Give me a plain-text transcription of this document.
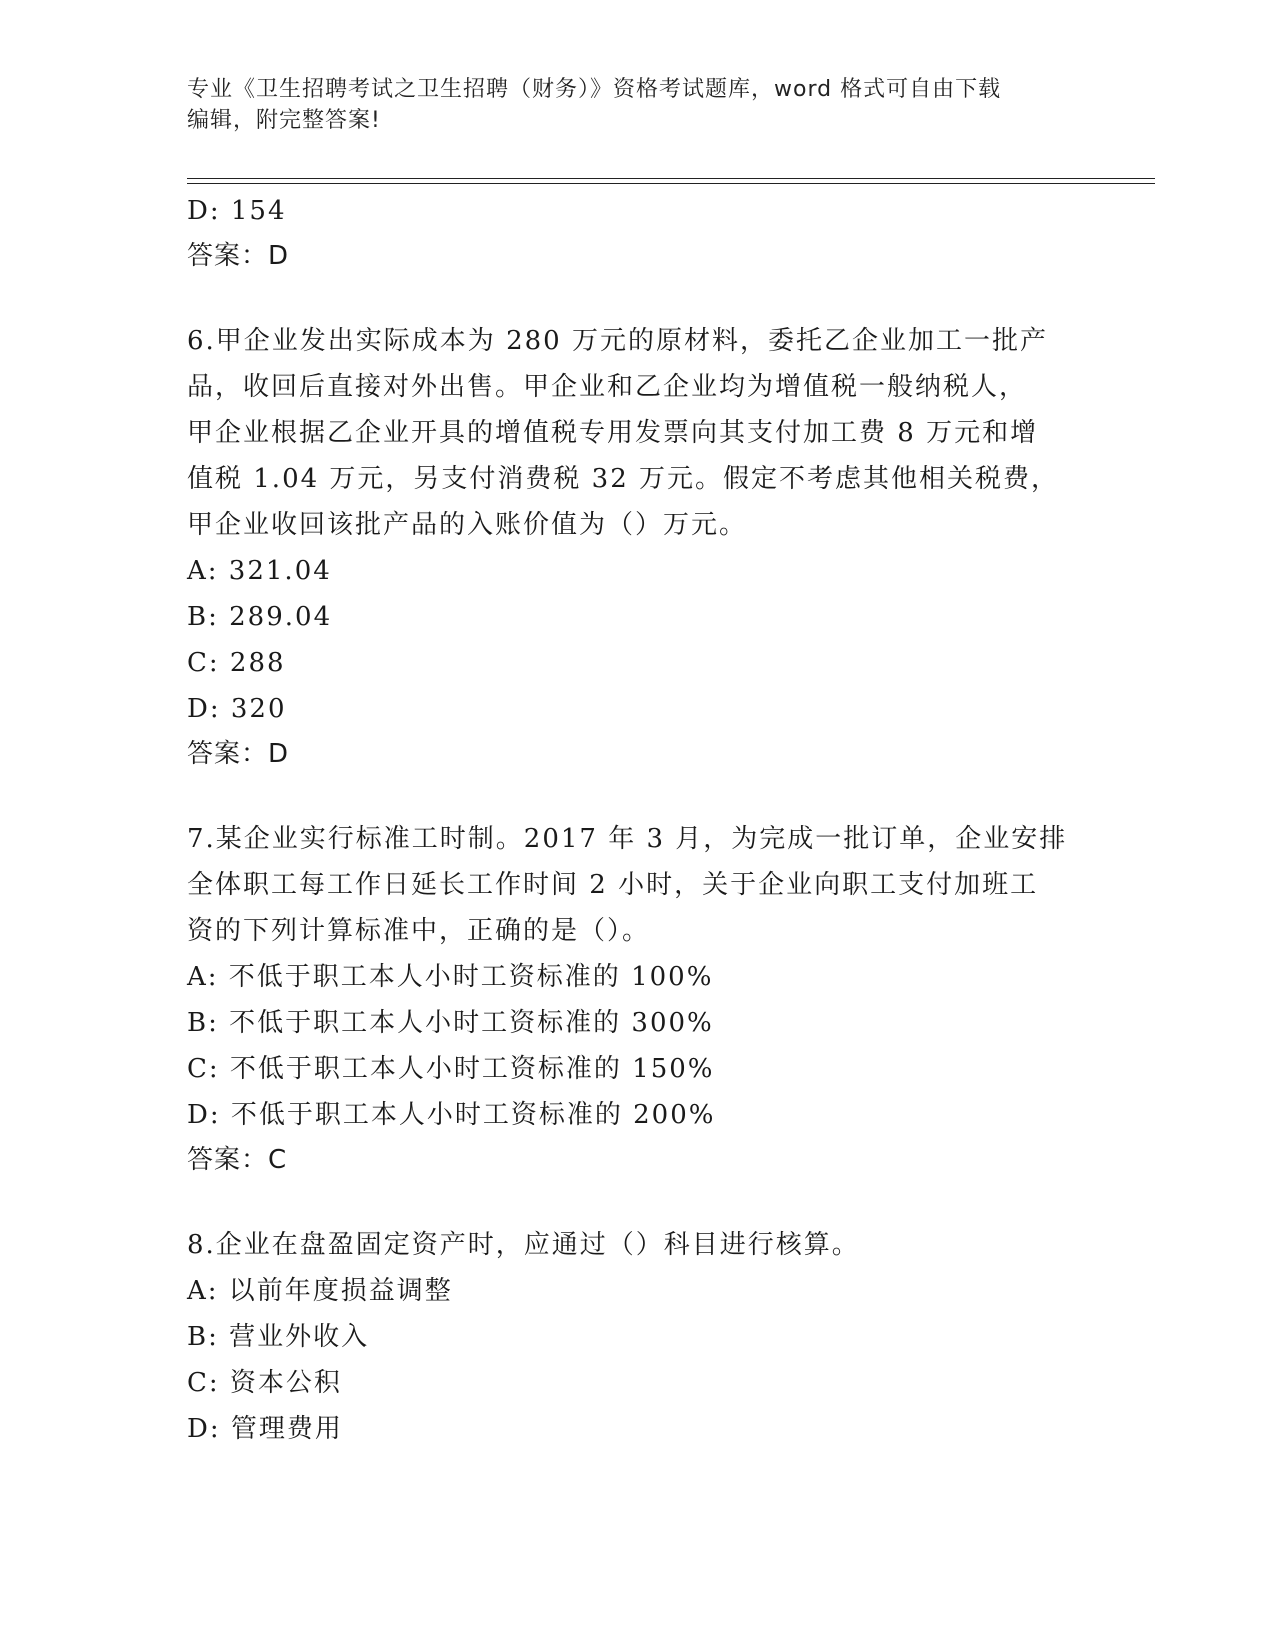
专业《卫生招聘考试之卫生招聘（财务）》资格考试题库，word 格式可自由下载
编辑，附完整答案!
D: 154
答案：D
6.甲企业发出实际成本为 280 万元的原材料，委托乙企业加工一批产
品，收回后直接对外出售。甲企业和乙企业均为增值税一般纳税人，
甲企业根据乙企业开具的增值税专用发票向其支付加工费 8 万元和增
值税 1.04 万元，另支付消费税 32 万元。假定不考虑其他相关税费，
甲企业收回该批产品的入账价值为（）万元。
A: 321.04
B: 289.04
C: 288
D: 320
答案：D
7.某企业实行标准工时制。2017 年 3 月，为完成一批订单，企业安排
全体职工每工作日延长工作时间 2 小时，关于企业向职工支付加班工
资的下列计算标准中，正确的是（）。
A: 不低于职工本人小时工资标准的 100%
B: 不低于职工本人小时工资标准的 300%
C: 不低于职工本人小时工资标准的 150%
D: 不低于职工本人小时工资标准的 200%
答案：C
8.企业在盘盈固定资产时，应通过（）科目进行核算。
A: 以前年度损益调整
B: 营业外收入
C: 资本公积
D: 管理费用
